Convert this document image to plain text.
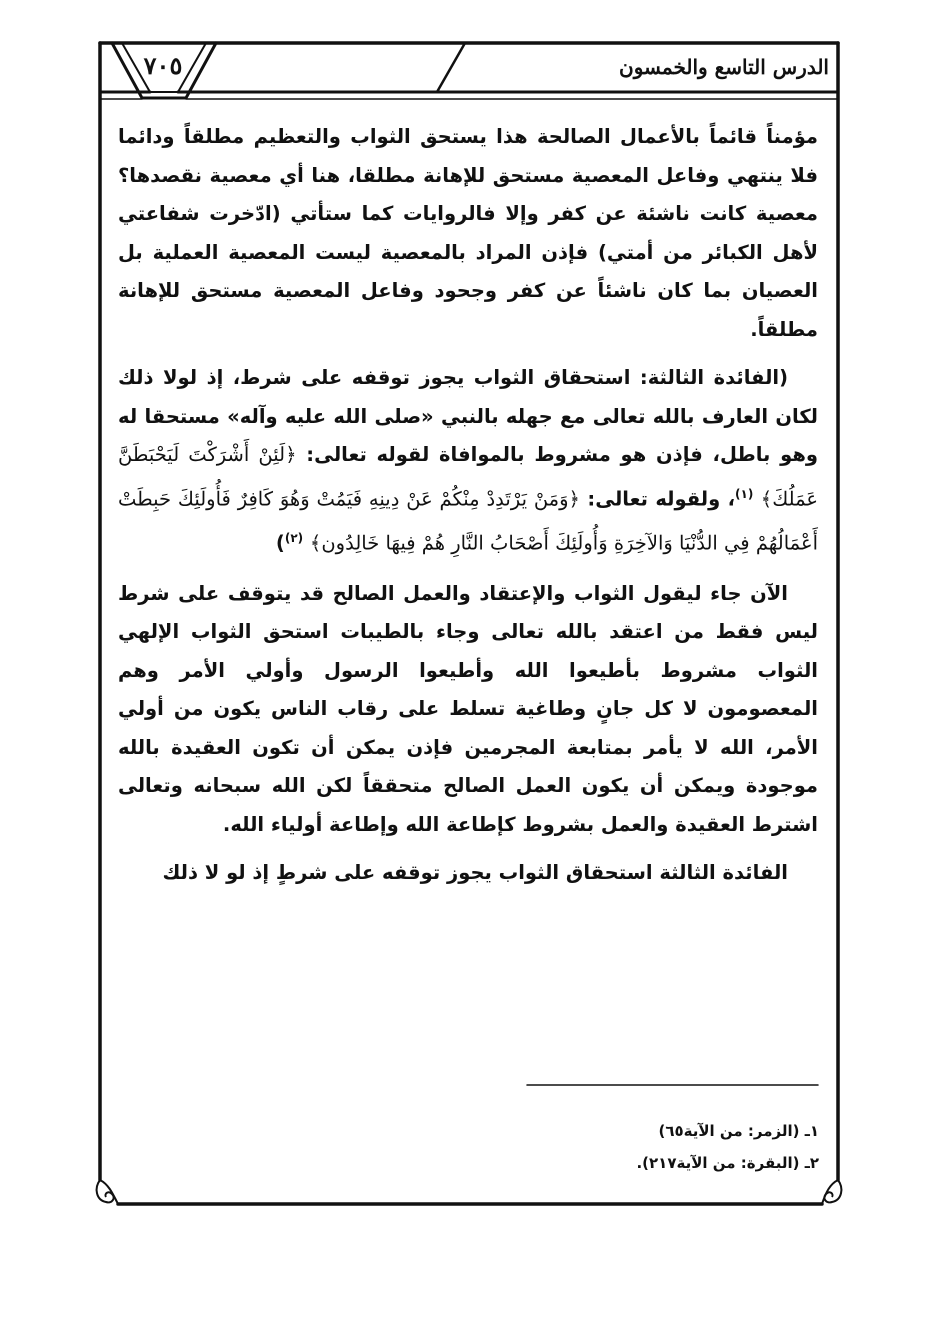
٧٠٥	الدرس التاسع والخمسون

مؤمناً قائماً بالأعمال الصالحة هذا يستحق الثواب والتعظيم مطلقاً ودائما فلا ينتهي وفاعل المعصية مستحق للإهانة مطلقا، هنا أي معصية نقصدها؟ معصية كانت ناشئة عن كفر وإلا فالروايات كما ستأتي (ادّخرت شفاعتي لأهل الكبائر من أمتي) فإذن المراد بالمعصية ليست المعصية العملية بل العصيان بما كان ناشئاً عن كفر وجحود وفاعل المعصية مستحق للإهانة مطلقاً.

(الفائدة الثالثة: استحقاق الثواب يجوز توقفه على شرط، إذ لولا ذلك لكان العارف بالله تعالى مع جهله بالنبي «صلى الله عليه وآله» مستحقا له وهو باطل، فإذن هو مشروط بالموافاة لقوله تعالى: ﴿لَئِنْ أَشْرَكْتَ لَيَحْبَطَنَّ عَمَلُكَ﴾ $^{(١)}$، ولقوله تعالى: ﴿وَمَنْ يَرْتَدِدْ مِنْكُمْ عَنْ دِينِهِ فَيَمُتْ وَهُوَ كَافِرٌ فَأُولَئِكَ حَبِطَتْ أَعْمَالُهُمْ فِي الدُّنْيَا وَالآخِرَةِ وَأُولَئِكَ أَصْحَابُ النَّارِ هُمْ فِيهَا خَالِدُون﴾ $^{(٢)}$)

الآن جاء ليقول الثواب والإعتقاد والعمل الصالح قد يتوقف على شرط ليس فقط من اعتقد بالله تعالى وجاء بالطيبات استحق الثواب الإلهي الثواب مشروط بأطيعوا الله وأطيعوا الرسول وأولي الأمر وهم المعصومون لا كل جانٍ وطاغية تسلط على رقاب الناس يكون من أولي الأمر، الله لا يأمر بمتابعة المجرمين فإذن يمكن أن تكون العقيدة بالله موجودة ويمكن أن يكون العمل الصالح متحققاً لكن الله سبحانه وتعالى اشترط العقيدة والعمل بشروط كإطاعة الله وإطاعة أولياء الله.

الفائدة الثالثة استحقاق الثواب يجوز توقفه على شرطٍ إذ لو لا ذلك

١ـ (الزمر: من الآية٦٥)
٢ـ (البقرة: من الآية٢١٧).
